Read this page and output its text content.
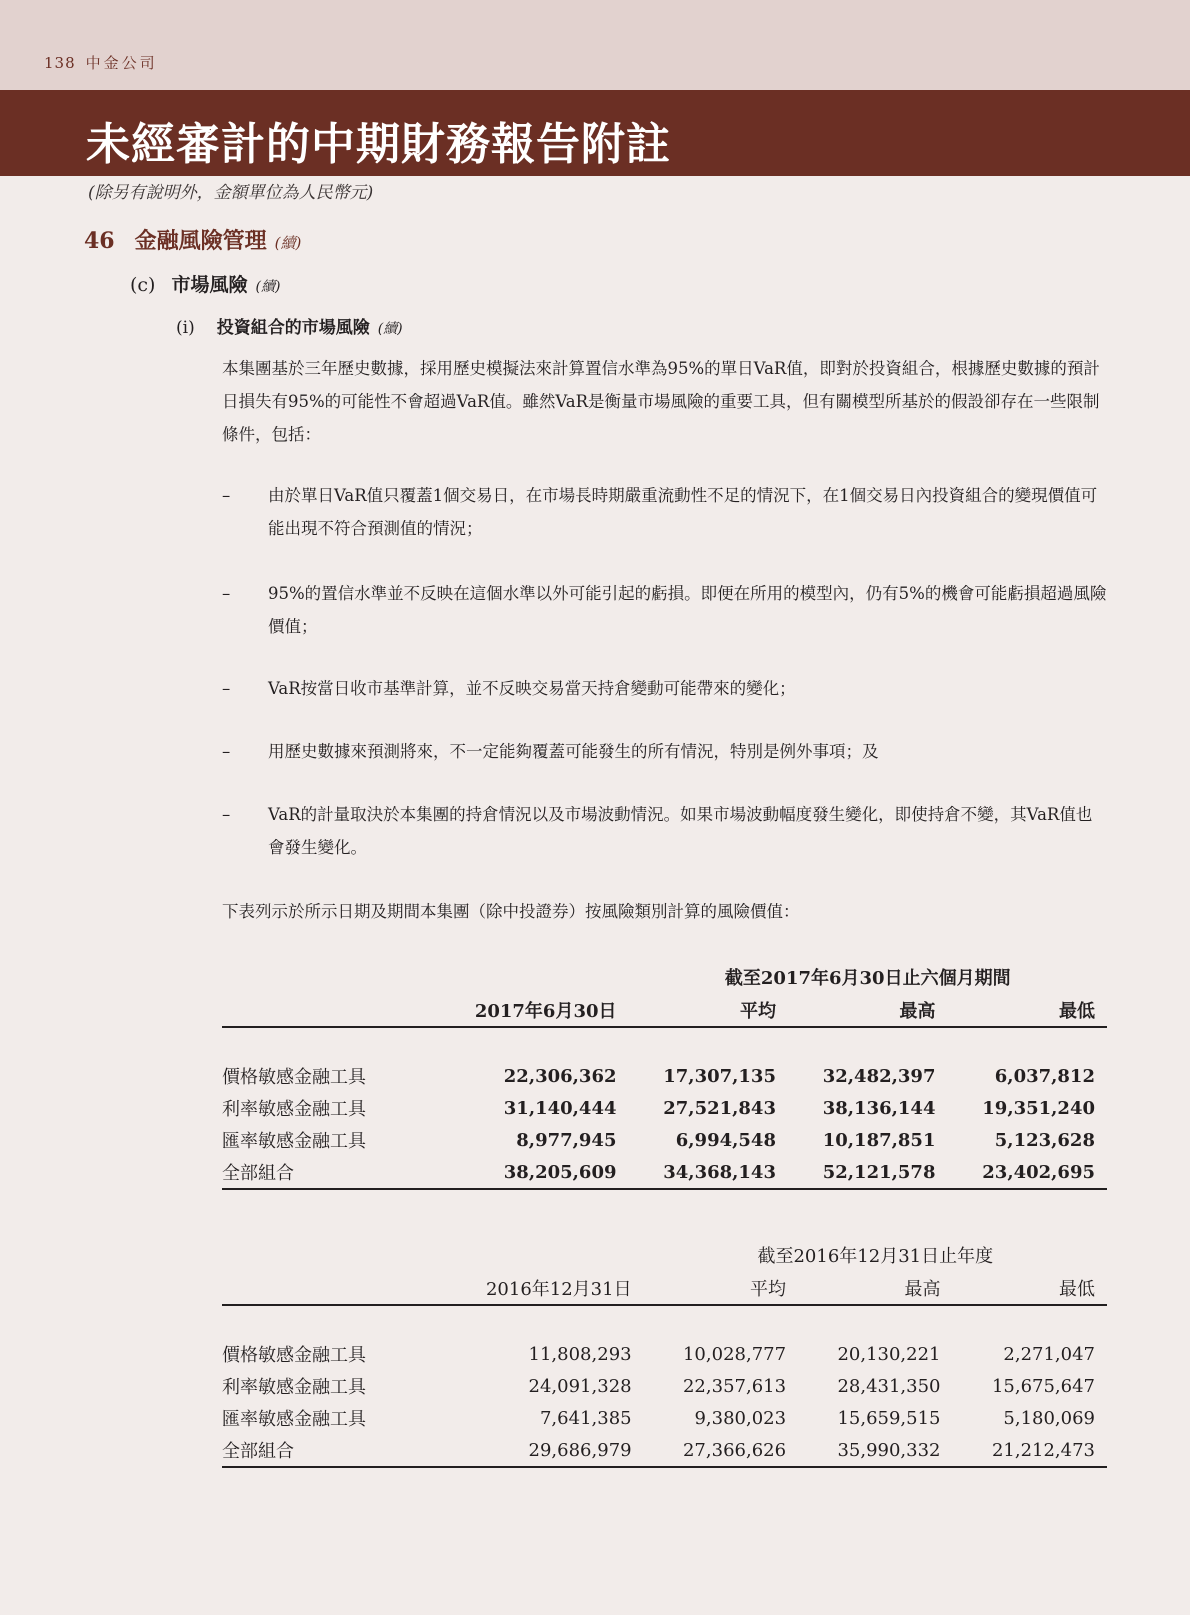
138 中金公司
未經審計的中期財務報告附註
(除另有說明外，金額單位為人民幣元)
46 金融風險管理 (續)
(c) 市場風險 (續)
(i) 投資組合的市場風險 (續)

本集團基於三年歷史數據，採用歷史模擬法來計算置信水準為95%的單日VaR值，即對於投資組合，根據歷史數據的預計日損失有95%的可能性不會超過VaR值。雖然VaR是衡量市場風險的重要工具，但有關模型所基於的假設卻存在一些限制條件，包括：

–	由於單日VaR值只覆蓋1個交易日，在市場長時期嚴重流動性不足的情況下，在1個交易日內投資組合的變現價值可能出現不符合預測值的情況；
–	95%的置信水準並不反映在這個水準以外可能引起的虧損。即便在所用的模型內，仍有5%的機會可能虧損超過風險價值；
–	VaR按當日收市基準計算，並不反映交易當天持倉變動可能帶來的變化；
–	用歷史數據來預測將來，不一定能夠覆蓋可能發生的所有情況，特別是例外事項；及
–	VaR的計量取決於本集團的持倉情況以及市場波動情況。如果市場波動幅度發生變化，即使持倉不變，其VaR值也會發生變化。

下表列示於所示日期及期間本集團（除中投證券）按風險類別計算的風險價值：

		截至2017年6月30日止六個月期間		
	2017年6月30日	平均	最高	最低

價格敏感金融工具	22,306,362	17,307,135	32,482,397	6,037,812
利率敏感金融工具	31,140,444	27,521,843	38,136,144	19,351,240
匯率敏感金融工具	8,977,945	6,994,548	10,187,851	5,123,628
全部組合	38,205,609	34,368,143	52,121,578	23,402,695
		截至2016年12月31日止年度		
	2016年12月31日	平均	最高	最低

價格敏感金融工具	11,808,293	10,028,777	20,130,221	2,271,047
利率敏感金融工具	24,091,328	22,357,613	28,431,350	15,675,647
匯率敏感金融工具	7,641,385	9,380,023	15,659,515	5,180,069
全部組合	29,686,979	27,366,626	35,990,332	21,212,473
